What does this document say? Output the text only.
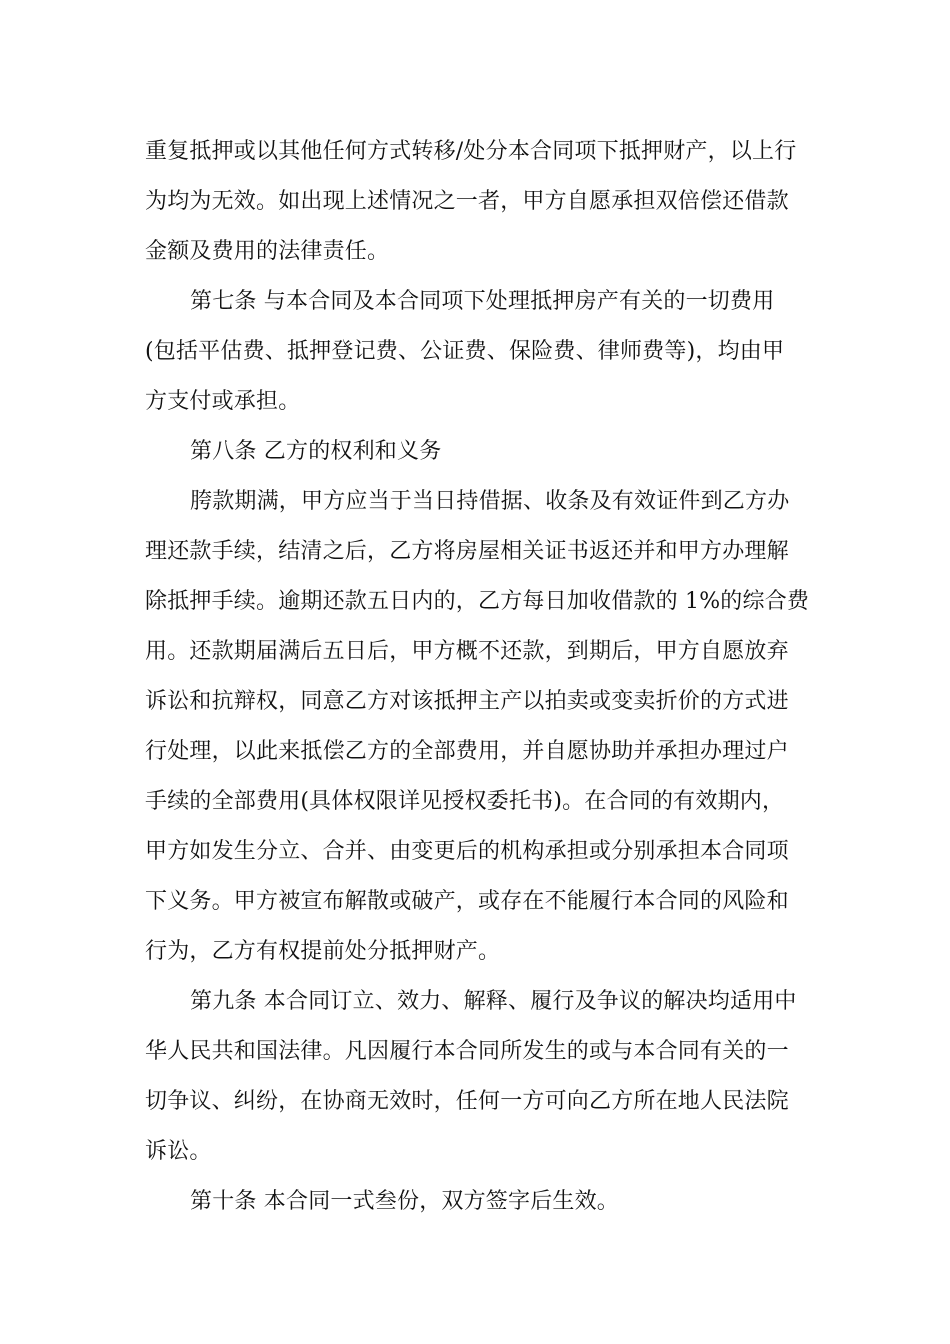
重复抵押或以其他任何方式转移/处分本合同项下抵押财产，以上行
为均为无效。如出现上述情况之一者，甲方自愿承担双倍偿还借款
金额及费用的法律责任。
第七条 与本合同及本合同项下处理抵押房产有关的一切费用
(包括平估费、抵押登记费、公证费、保险费、律师费等)，均由甲
方支付或承担。
第八条 乙方的权利和义务
胯款期满，甲方应当于当日持借据、收条及有效证件到乙方办
理还款手续，结清之后，乙方将房屋相关证书返还并和甲方办理解
除抵押手续。逾期还款五日内的，乙方每日加收借款的 1%的综合费
用。还款期届满后五日后，甲方概不还款，到期后，甲方自愿放弃
诉讼和抗辩权，同意乙方对该抵押主产以拍卖或变卖折价的方式进
行处理，以此来抵偿乙方的全部费用，并自愿协助并承担办理过户
手续的全部费用(具体权限详见授权委托书)。在合同的有效期内，
甲方如发生分立、合并、由变更后的机构承担或分别承担本合同项
下义务。甲方被宣布解散或破产，或存在不能履行本合同的风险和
行为，乙方有权提前处分抵押财产。
第九条 本合同订立、效力、解释、履行及争议的解决均适用中
华人民共和国法律。凡因履行本合同所发生的或与本合同有关的一
切争议、纠纷，在协商无效时，任何一方可向乙方所在地人民法院
诉讼。
第十条 本合同一式叁份，双方签字后生效。
